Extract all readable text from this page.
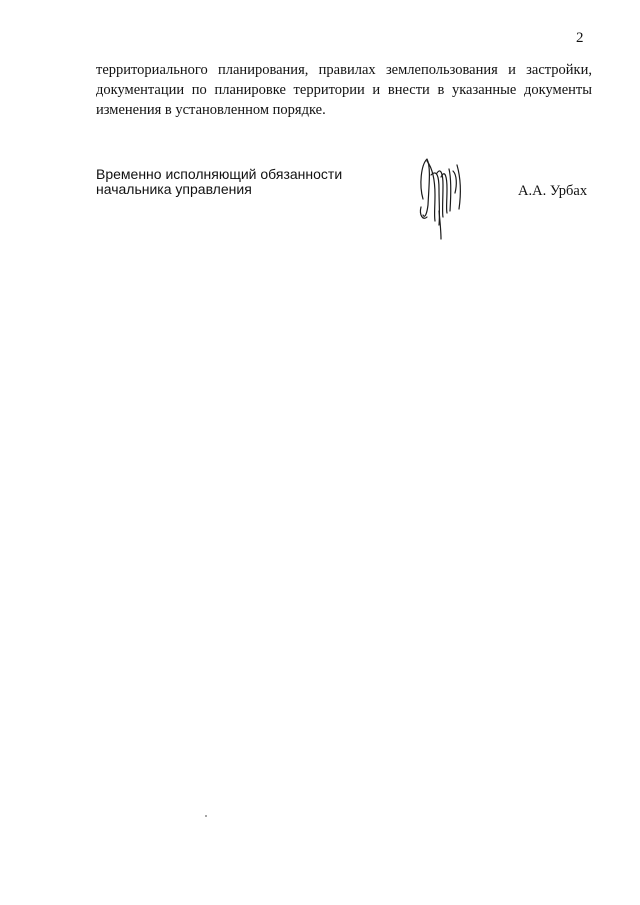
2
территориального планирования, правилах землепользования и застройки,
документации по планировке территории и внести в указанные документы
изменения в установленном порядке.
Временно исполняющий обязанности
начальника управления	А.А. Урбах
